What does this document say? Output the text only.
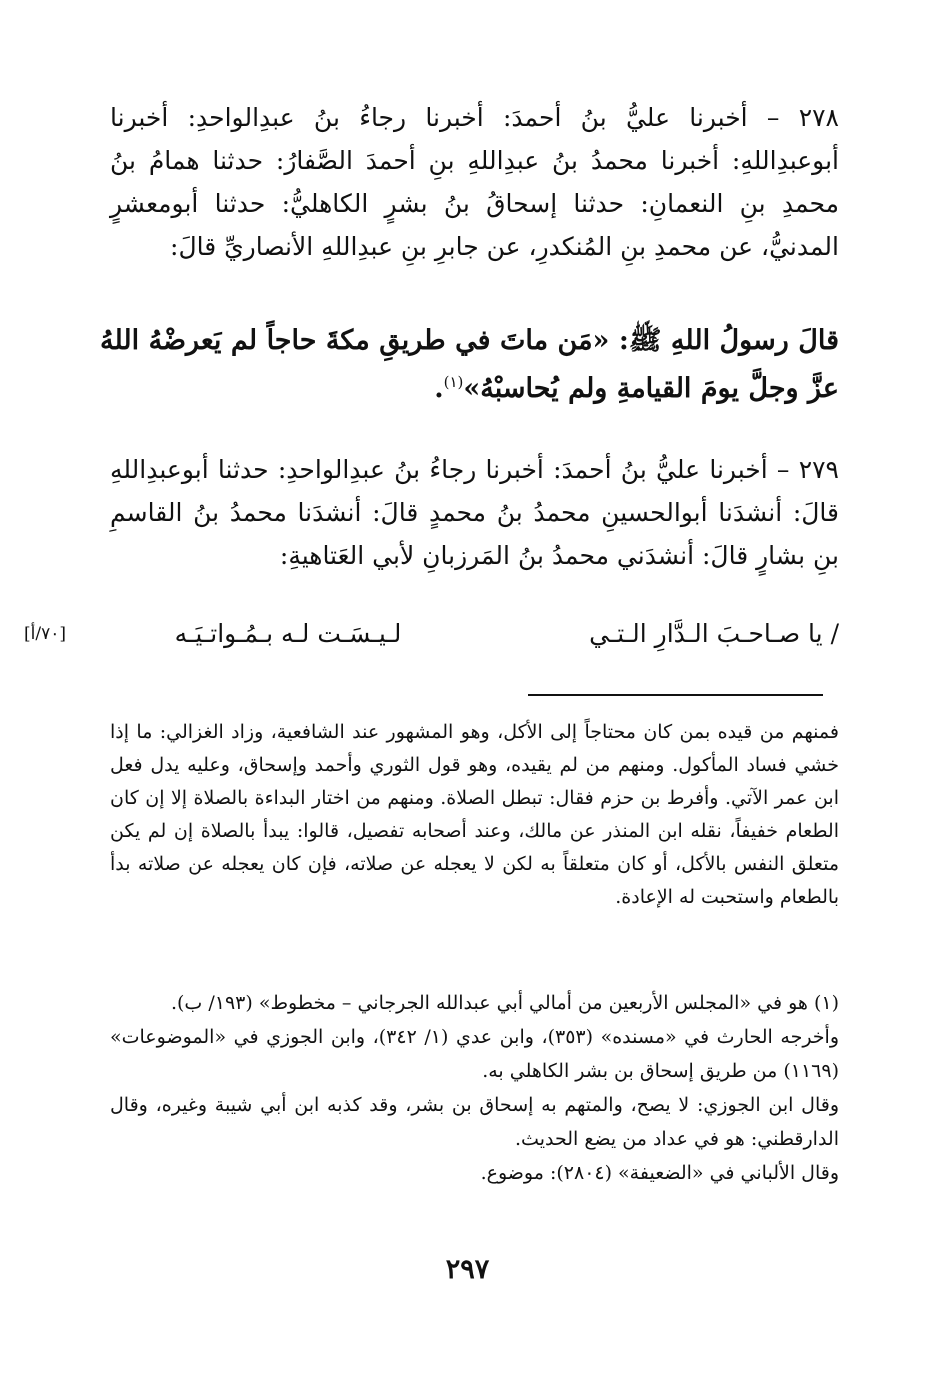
٢٧٨ – أخبرنا عليُّ بنُ أحمدَ: أخبرنا رجاءُ بنُ عبدِالواحدِ: أخبرنا أبوعبدِاللهِ: أخبرنا محمدُ بنُ عبدِاللهِ بنِ أحمدَ الصَّفارُ: حدثنا همامُ بنُ محمدِ بنِ النعمانِ: حدثنا إسحاقُ بنُ بشرٍ الكاهليُّ: حدثنا أبومعشرٍ المدنيُّ، عن محمدِ بنِ المُنكدرِ، عن جابرِ بنِ عبدِاللهِ الأنصاريِّ قالَ:
قالَ رسولُ اللهِ ﷺ: «مَن ماتَ في طريقِ مكةَ حاجاً لم يَعرضْهُ اللهُ عزَّ وجلَّ يومَ القيامةِ ولم يُحاسبْهُ»$^{(١)}$.
٢٧٩ – أخبرنا عليُّ بنُ أحمدَ: أخبرنا رجاءُ بنُ عبدِالواحدِ: حدثنا أبوعبدِاللهِ قالَ: أنشدَنا أبوالحسينِ محمدُ بنُ محمدٍ قالَ: أنشدَنا محمدُ بنُ القاسمِ بنِ بشارٍ قالَ: أنشدَني محمدُ بنُ المَرزبانِ لأبي العَتاهيةِ:
/ يا صـاحـبَ الـدَّارِ الـتـي
لـيـسَـت لـه بـمُـواتـيَـه
[٧٠/أ]
فمنهم من قيده بمن كان محتاجاً إلى الأكل، وهو المشهور عند الشافعية، وزاد الغزالي: ما إذا خشي فساد المأكول. ومنهم من لم يقيده، وهو قول الثوري وأحمد وإسحاق، وعليه يدل فعل ابن عمر الآتي. وأفرط بن حزم فقال: تبطل الصلاة. ومنهم من اختار البداءة بالصلاة إلا إن كان الطعام خفيفاً، نقله ابن المنذر عن مالك، وعند أصحابه تفصيل، قالوا: يبدأ بالصلاة إن لم يكن متعلق النفس بالأكل، أو كان متعلقاً به لكن لا يعجله عن صلاته، فإن كان يعجله عن صلاته بدأ بالطعام واستحبت له الإعادة.
(١) هو في «المجلس الأربعين من أمالي أبي عبدالله الجرجاني – مخطوط» (١٩٣/ ب).
وأخرجه الحارث في «مسنده» (٣٥٣)، وابن عدي (١/ ٣٤٢)، وابن الجوزي في «الموضوعات» (١١٦٩) من طريق إسحاق بن بشر الكاهلي به.
وقال ابن الجوزي: لا يصح، والمتهم به إسحاق بن بشر، وقد كذبه ابن أبي شيبة وغيره، وقال الدارقطني: هو في عداد من يضع الحديث.
وقال الألباني في «الضعيفة» (٢٨٠٤): موضوع.
٢٩٧
